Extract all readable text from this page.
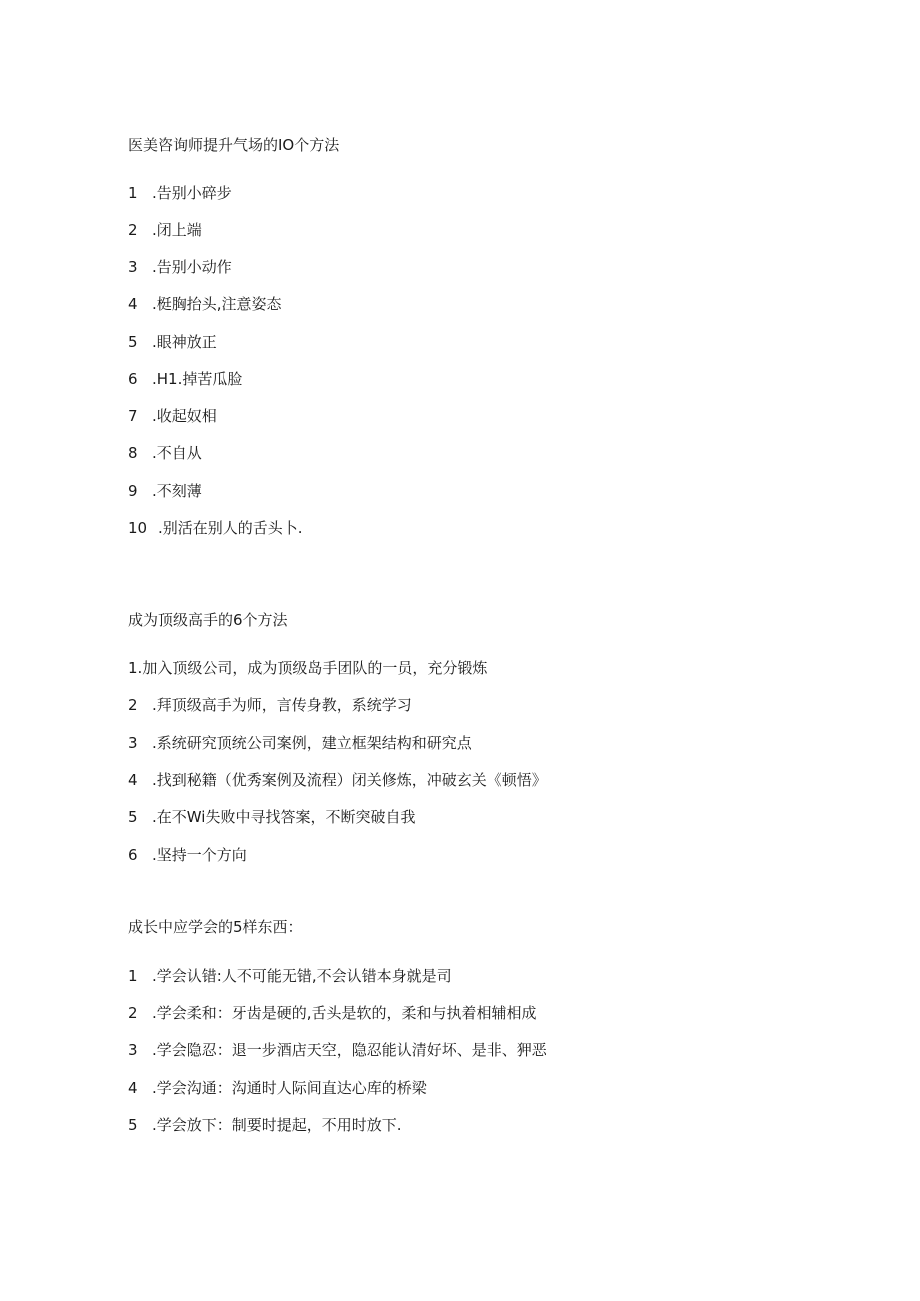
医美咨询师提升气场的IO个方法
1 .告别小碎步
2 .闭上端
3 .告别小动作
4 .梃胸抬头,注意姿态
5 .眼神放正
6 .H1.掉苦瓜脸
7 .收起奴相
8 .不自从
9 .不刻薄
10 .别活在别人的舌头卜.
成为顶级高手的6个方法
1.加入顶级公司，成为顶级岛手团队的一员，充分锻炼
2 .拜顶级高手为师，言传身教，系统学习
3 .系统研究顶统公司案例，建立框架结构和研究点
4 .找到秘籍（优秀案例及流程）闭关修炼，冲破玄关《顿悟》
5 .在不Wi失败中寻找答案，不断突破自我
6 .坚持一个方向
成长中应学会的5样东西：
1 .学会认错:人不可能无错,不会认错本身就是司
2 .学会柔和：牙齿是硬的,舌头是软的，柔和与执着相辅相成
3 .学会隐忍：退一步酒店天空，隐忍能认清好坏、是非、狎恶
4 .学会沟通：沟通时人际间直达心库的桥梁
5 .学会放下：制要时提起，不用时放下.
